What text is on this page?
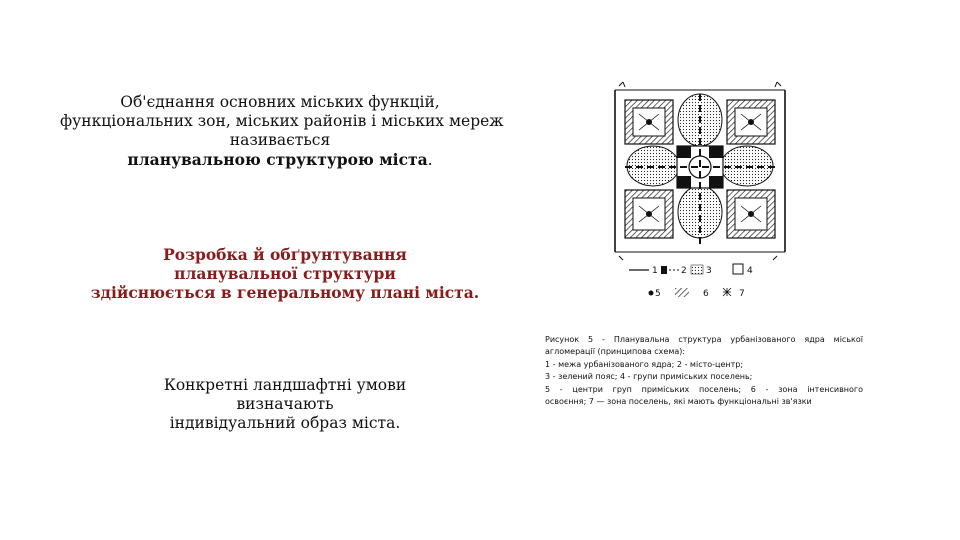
Об'єднання основних міських функцій,
функціональних зон, міських районів і міських мереж
називається
планувальною структурою міста.
Розробка й обґрунтування
планувальної структури
здійснюється в генеральному плані міста.
Конкретні ландшафтні умови
визначають
індивідуальний образ міста.
1	2 3	4
5	6	7
Рисунок 5 - Планувальна структура урбанізованого ядра міської
агломерації (принципова схема):
1 - межа урбанізованого ядра; 2 - місто-центр;
3 - зелений пояс; 4 - групи приміських поселень;
5 - центри груп приміських поселень; 6 - зона інтенсивного
освоєння; 7 — зона поселень, які мають функціональні зв'язки
